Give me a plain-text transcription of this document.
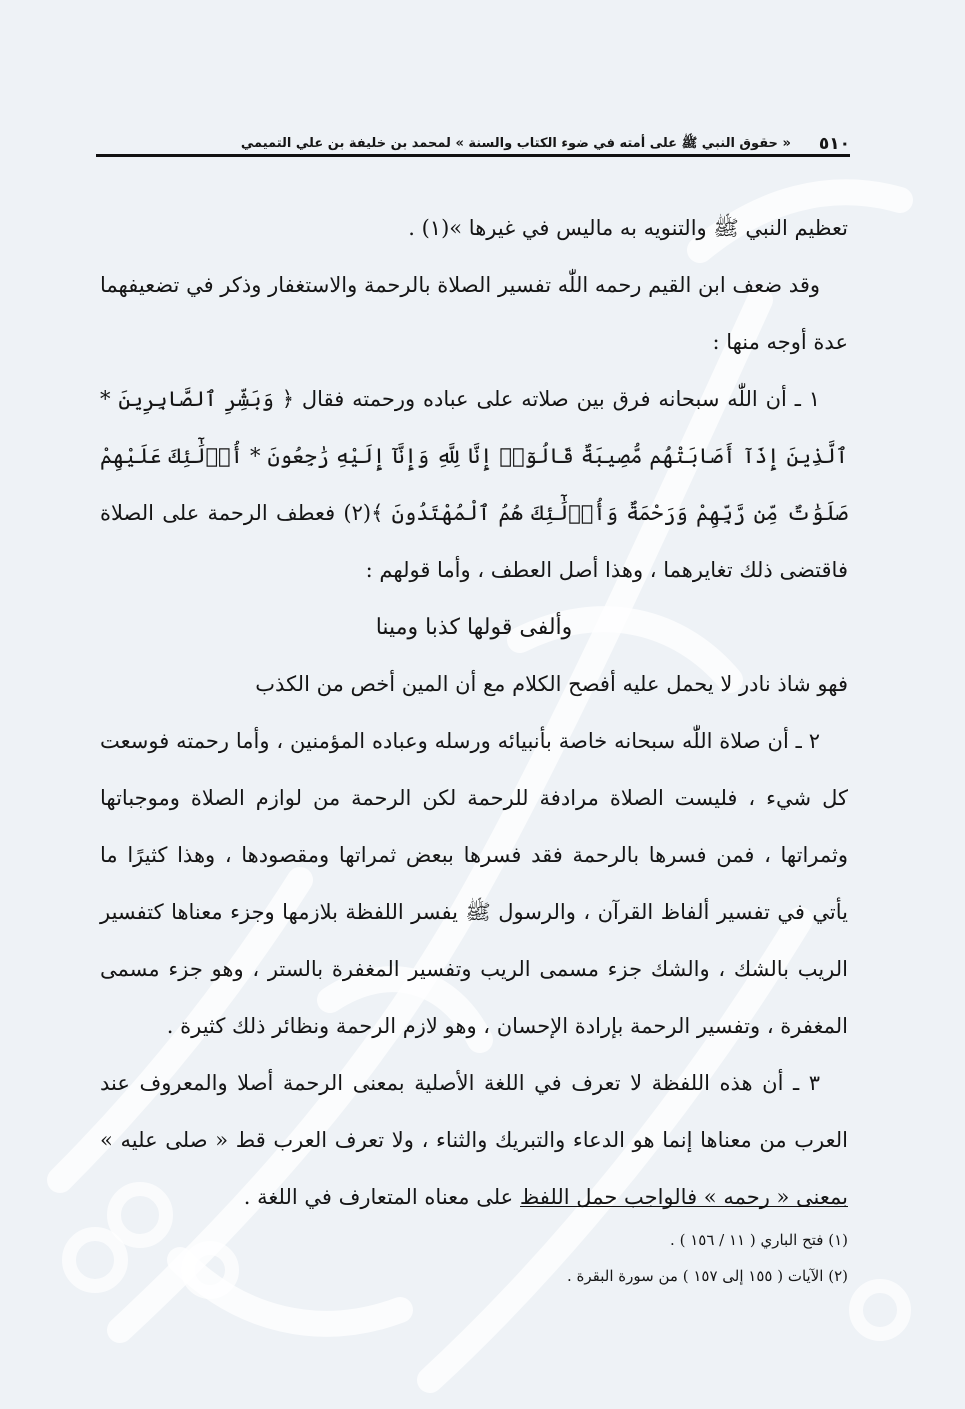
٥١٠
« حقوق النبي ﷺ على أمته في ضوء الكتاب والسنة » لمحمد بن خليفة بن علي التميمي

تعظيم النبي ﷺ والتنويه به ماليس في غيرها »(١) .

وقد ضعف ابن القيم رحمه اللّٰه تفسير الصلاة بالرحمة والاستغفار وذكر في تضعيفهما عدة أوجه منها :

١ ـ أن اللّٰه سبحانه فرق بين صلاته على عباده ورحمته فقال ﴿ وَبَشِّرِ ٱلصَّابِرِينَ * ٱلَّذِينَ إِذَآ أَصَابَتْهُم مُّصِيبَةٌ قَالُوٓا۟ إِنَّا لِلَّهِ وَإِنَّآ إِلَيْهِ رَٰجِعُونَ * أُو۟لَٰٓئِكَ عَلَيْهِمْ صَلَوَٰتٌ مِّن رَّبِّهِمْ وَرَحْمَةٌ وَأُو۟لَٰٓئِكَ هُمُ ٱلْمُهْتَدُونَ ﴾(٢) فعطف الرحمة على الصلاة فاقتضى ذلك تغايرهما ، وهذا أصل العطف ، وأما قولهم :

وألفى قولها كذبا ومينا

فهو شاذ نادر لا يحمل عليه أفصح الكلام مع أن المين أخص من الكذب

٢ ـ أن صلاة اللّٰه سبحانه خاصة بأنبيائه ورسله وعباده المؤمنين ، وأما رحمته فوسعت كل شيء ، فليست الصلاة مرادفة للرحمة لكن الرحمة من لوازم الصلاة وموجباتها وثمراتها ، فمن فسرها بالرحمة فقد فسرها ببعض ثمراتها ومقصودها ، وهذا كثيرًا ما يأتي في تفسير ألفاظ القرآن ، والرسول ﷺ يفسر اللفظة بلازمها وجزء معناها كتفسير الريب بالشك ، والشك جزء مسمى الريب وتفسير المغفرة بالستر ، وهو جزء مسمى المغفرة ، وتفسير الرحمة بإرادة الإحسان ، وهو لازم الرحمة ونظائر ذلك كثيرة .

٣ ـ أن هذه اللفظة لا تعرف في اللغة الأصلية بمعنى الرحمة أصلا والمعروف عند العرب من معناها إنما هو الدعاء والتبريك والثناء ، ولا تعرف العرب قط « صلى عليه » بمعنى « رحمه » فالواجب حمل اللفظ على معناه المتعارف في اللغة .

(١) فتح الباري ( ١١ / ١٥٦ ) .

(٢) الآيات ( ١٥٥ إلى ١٥٧ ) من سورة البقرة .
